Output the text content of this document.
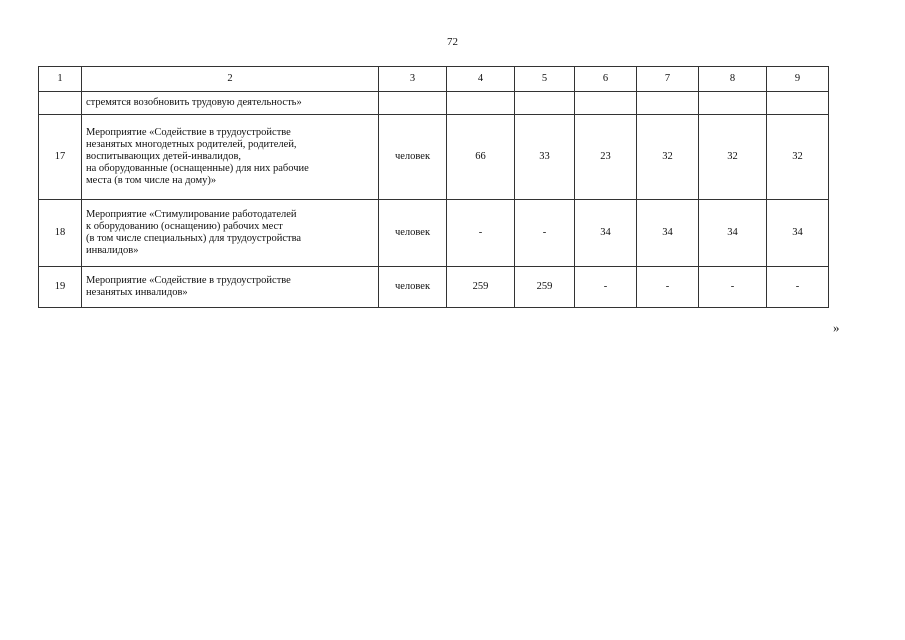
72
1	2	3	4	5	6	7	8	9
	стремятся возобновить трудовую деятельность»							
17	Мероприятие «Содействие в трудоустройстве
незанятых многодетных родителей, родителей,
воспитывающих детей-инвалидов,
на оборудованные (оснащенные) для них рабочие
места (в том числе на дому)»	человек	66	33	23	32	32	32
18	Мероприятие «Стимулирование работодателей
к оборудованию (оснащению) рабочих мест
(в том числе специальных) для трудоустройства
инвалидов»	человек	-	-	34	34	34	34
19	Мероприятие «Содействие в трудоустройстве
незанятых инвалидов»	человек	259	259	-	-	-	-
»
